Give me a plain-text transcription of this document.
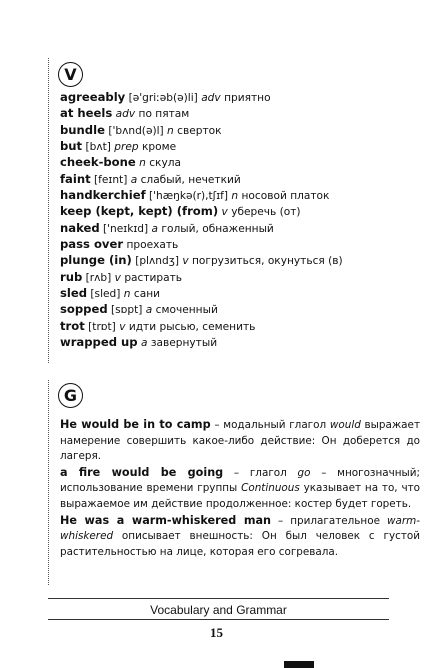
V
agreeably [ə'griːəb(ə)li] adv приятно
at heels adv по пятам
bundle ['bʌnd(ə)l] n сверток
but [bʌt] prep кроме
cheek-bone n скула
faint [feɪnt] a слабый, нечеткий
handkerchief ['hæŋkə(r),tʃɪf] n носовой платок
keep (kept, kept) (from) v уберечь (от)
naked ['neɪkɪd] a голый, обнаженный
pass over проехать
plunge (in) [plʌndʒ] v погрузиться, окунуться (в)
rub [rʌb] v растирать
sled [sled] n сани
sopped [sɒpt] a смоченный
trot [trɒt] v идти рысью, семенить
wrapped up a завернутый
G
He would be in to camp – модальный глагол would выражает намерение совершить какое-либо действие: Он доберется до лагеря.
a fire would be going – глагол go – многозначный; использование времени группы Continuous указывает на то, что выражаемое им действие продолженное: костер будет гореть.
He was a warm-whiskered man – прилагательное warm-whiskered описывает внешность: Он был человек с густой растительностью на лице, которая его согревала.
Vocabulary and Grammar
15
